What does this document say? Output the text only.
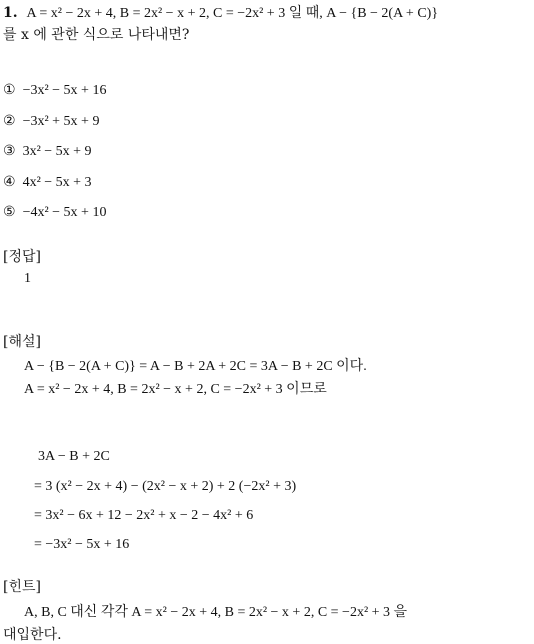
1. A = x² − 2x + 4, B = 2x² − x + 2, C = −2x² + 3 일 때, A − {B − 2(A + C)}
를 x 에 관한 식으로 나타내면?
① −3x² − 5x + 16
② −3x² + 5x + 9
③ 3x² − 5x + 9
④ 4x² − 5x + 3
⑤ −4x² − 5x + 10
[정답]
1
[해설]
A − {B − 2(A + C)} = A − B + 2A + 2C = 3A − B + 2C 이다.
A = x² − 2x + 4, B = 2x² − x + 2, C = −2x² + 3 이므로
3A − B + 2C
= 3 (x² − 2x + 4) − (2x² − x + 2) + 2 (−2x² + 3)
= 3x² − 6x + 12 − 2x² + x − 2 − 4x² + 6
= −3x² − 5x + 16
[힌트]
A, B, C 대신 각각 A = x² − 2x + 4, B = 2x² − x + 2, C = −2x² + 3 을
대입한다.
